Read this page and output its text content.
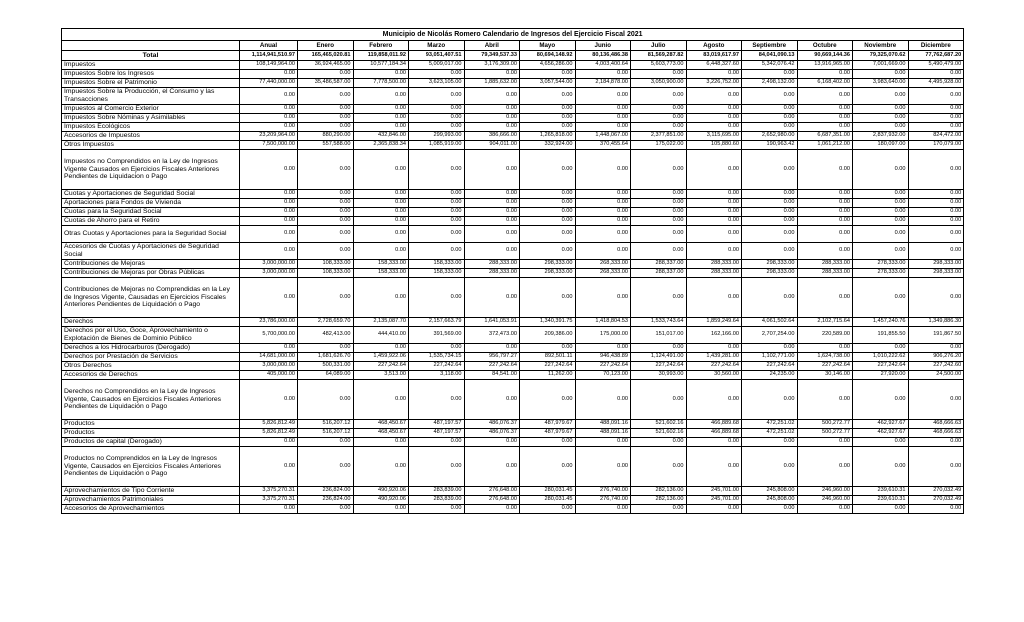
Municipio de Nicolás Romero Calendario de Ingresos del Ejercicio Fiscal 2021													
	Anual	Enero	Febrero	Marzo	Abril	Mayo	Junio	Julio	Agosto	Septiembre	Octubre	Noviembre	Diciembre
Total	1,114,941,510.97	165,465,020.81	119,858,011.92	93,051,407.51	79,349,537.33	80,694,148.92	80,136,486.38	81,569,287.82	83,019,617.97	84,041,090.13	90,669,144.36	79,325,070.62	77,762,687.20
Impuestos	108,149,964.00	36,924,465.00	10,577,184.34	5,009,017.00	3,176,309.00	4,656,286.00	4,003,400.64	5,603,773.00	6,448,327.60	5,342,076.42	13,916,965.00	7,001,669.00	5,490,479.00
Impuestos Sobre los Ingresos	0.00	0.00	0.00	0.00	0.00	0.00	0.00	0.00	0.00	0.00	0.00	0.00	0.00
Impuestos Sobre el Patrimonio	77,440,000.00	35,486,587.00	7,778,500.00	3,623,105.00	1,885,632.00	3,057,544.00	2,184,878.00	3,050,900.00	3,226,752.00	2,498,132.00	6,168,402.00	3,983,640.00	4,495,928.00
Impuestos Sobre la Producción, el Consumo y las Transacciones	0.00	0.00	0.00	0.00	0.00	0.00	0.00	0.00	0.00	0.00	0.00	0.00	0.00
Impuestos al Comercio Exterior	0.00	0.00	0.00	0.00	0.00	0.00	0.00	0.00	0.00	0.00	0.00	0.00	0.00
Impuestos Sobre Nóminas y Asimilables	0.00	0.00	0.00	0.00	0.00	0.00	0.00	0.00	0.00	0.00	0.00	0.00	0.00
Impuestos Ecológicos	0.00	0.00	0.00	0.00	0.00	0.00	0.00	0.00	0.00	0.00	0.00	0.00	0.00
Accesorios de Impuestos	23,209,964.00	880,290.00	432,846.00	299,993.00	386,666.00	1,265,818.00	1,448,067.00	2,377,851.00	3,115,695.00	2,652,980.00	6,687,351.00	2,837,932.00	824,472.00
Otros Impuestos	7,500,000.00	557,588.00	2,365,838.34	1,085,919.00	904,011.00	332,924.00	370,455.64	175,022.00	105,880.60	190,963.42	1,061,212.00	180,097.00	170,079.00
Impuestos no Comprendidos en la Ley de Ingresos Vigente Causados en Ejercicios Fiscales Anteriores Pendientes de Liquidacion o Pago	0.00	0.00	0.00	0.00	0.00	0.00	0.00	0.00	0.00	0.00	0.00	0.00	0.00
Cuotas y Aportaciones de Seguridad Social	0.00	0.00	0.00	0.00	0.00	0.00	0.00	0.00	0.00	0.00	0.00	0.00	0.00
Aportaciones para Fondos de Vivienda	0.00	0.00	0.00	0.00	0.00	0.00	0.00	0.00	0.00	0.00	0.00	0.00	0.00
Cuotas para la Seguridad Social	0.00	0.00	0.00	0.00	0.00	0.00	0.00	0.00	0.00	0.00	0.00	0.00	0.00
Cuotas de Ahorro para el Retiro	0.00	0.00	0.00	0.00	0.00	0.00	0.00	0.00	0.00	0.00	0.00	0.00	0.00
Otras Cuotas y Aportaciones para la Seguridad Social	0.00	0.00	0.00	0.00	0.00	0.00	0.00	0.00	0.00	0.00	0.00	0.00	0.00
Accesorios de Cuotas y Aportaciones de Seguridad Social	0.00	0.00	0.00	0.00	0.00	0.00	0.00	0.00	0.00	0.00	0.00	0.00	0.00
Contribuciones de Mejoras	3,000,000.00	108,333.00	158,333.00	158,333.00	288,333.00	298,333.00	268,333.00	288,337.00	288,333.00	298,333.00	288,333.00	278,333.00	298,333.00
Contribuciones de Mejoras por Obras Públicas	3,000,000.00	108,333.00	158,333.00	158,333.00	288,333.00	298,333.00	268,333.00	288,337.00	288,333.00	298,333.00	288,333.00	278,333.00	298,333.00
Contribuciones de Mejoras no Comprendidas en la Ley de Ingresos Vigente, Causadas en Ejercicios Fiscales Anteriores Pendientes de Liquidación o Pago	0.00	0.00	0.00	0.00	0.00	0.00	0.00	0.00	0.00	0.00	0.00	0.00	0.00
Derechos	23,786,000.00	2,728,659.70	2,135,087.70	2,157,663.79	1,641,053.91	1,340,391.75	1,418,804.53	1,533,743.64	1,859,249.64	4,061,502.64	2,102,715.64	1,457,240.76	1,349,886.30
Derechos por el Uso, Goce, Aprovechamiento o Explotación de Bienes de Dominio Público	5,700,000.00	482,413.00	444,410.00	391,569.00	372,473.00	209,386.00	175,000.00	151,017.00	162,166.00	2,707,254.00	220,589.00	191,855.50	191,867.50
Derechos a los Hidrocarburos (Derogado)	0.00	0.00	0.00	0.00	0.00	0.00	0.00	0.00	0.00	0.00	0.00	0.00	0.00
Derechos por Prestación de Servicios	14,681,000.00	1,681,626.70	1,459,922.06	1,535,734.15	956,797.27	892,501.11	946,438.89	1,124,491.00	1,439,281.00	1,102,771.00	1,624,738.00	1,010,222.62	906,276.20
Otros Derechos	3,000,000.00	500,331.00	227,242.64	227,242.64	227,242.64	227,242.64	227,242.64	227,242.64	227,242.64	227,242.64	227,242.64	227,242.64	227,242.60
Accesorios de Derechos	405,000.00	64,089.00	3,513.00	3,118.00	84,541.00	11,262.00	70,123.00	30,993.00	30,560.00	24,235.00	30,146.00	27,920.00	24,500.00
Derechos no Comprendidos en la Ley de Ingresos Vigente, Causados en Ejercicios Fiscales Anteriores Pendientes de Liquidación o Pago	0.00	0.00	0.00	0.00	0.00	0.00	0.00	0.00	0.00	0.00	0.00	0.00	0.00
Productos	5,826,812.49	516,207.12	468,450.67	487,197.57	486,076.37	487,979.67	488,091.16	521,602.16	466,889.68	472,251.02	500,272.77	462,927.67	468,666.63
Productos	5,826,812.49	516,207.12	468,450.67	487,197.57	486,076.37	487,979.67	488,091.16	521,602.16	466,889.68	472,251.02	500,272.77	462,927.67	468,666.63
Productos de capital (Derogado)	0.00	0.00	0.00	0.00	0.00	0.00	0.00	0.00	0.00	0.00	0.00	0.00	0.00
Productos no Comprendidos en la Ley de Ingresos Vigente, Causados en Ejercicios Fiscales Anteriores Pendientes de Liquidación o Pago	0.00	0.00	0.00	0.00	0.00	0.00	0.00	0.00	0.00	0.00	0.00	0.00	0.00
Aprovechamientos de Tipo Corriente	3,375,270.31	236,824.00	490,920.06	283,839.00	276,648.00	280,031.45	276,740.00	282,136.00	245,701.00	245,808.00	246,960.00	239,610.31	270,032.49
Aprovechamientos Patrimoniales	3,375,270.31	236,824.00	490,920.06	283,839.00	276,648.00	280,031.45	276,740.00	282,136.00	245,701.00	245,808.00	246,960.00	239,610.31	270,032.49
Accesorios de Aprovechamientos	0.00	0.00	0.00	0.00	0.00	0.00	0.00	0.00	0.00	0.00	0.00	0.00	0.00
